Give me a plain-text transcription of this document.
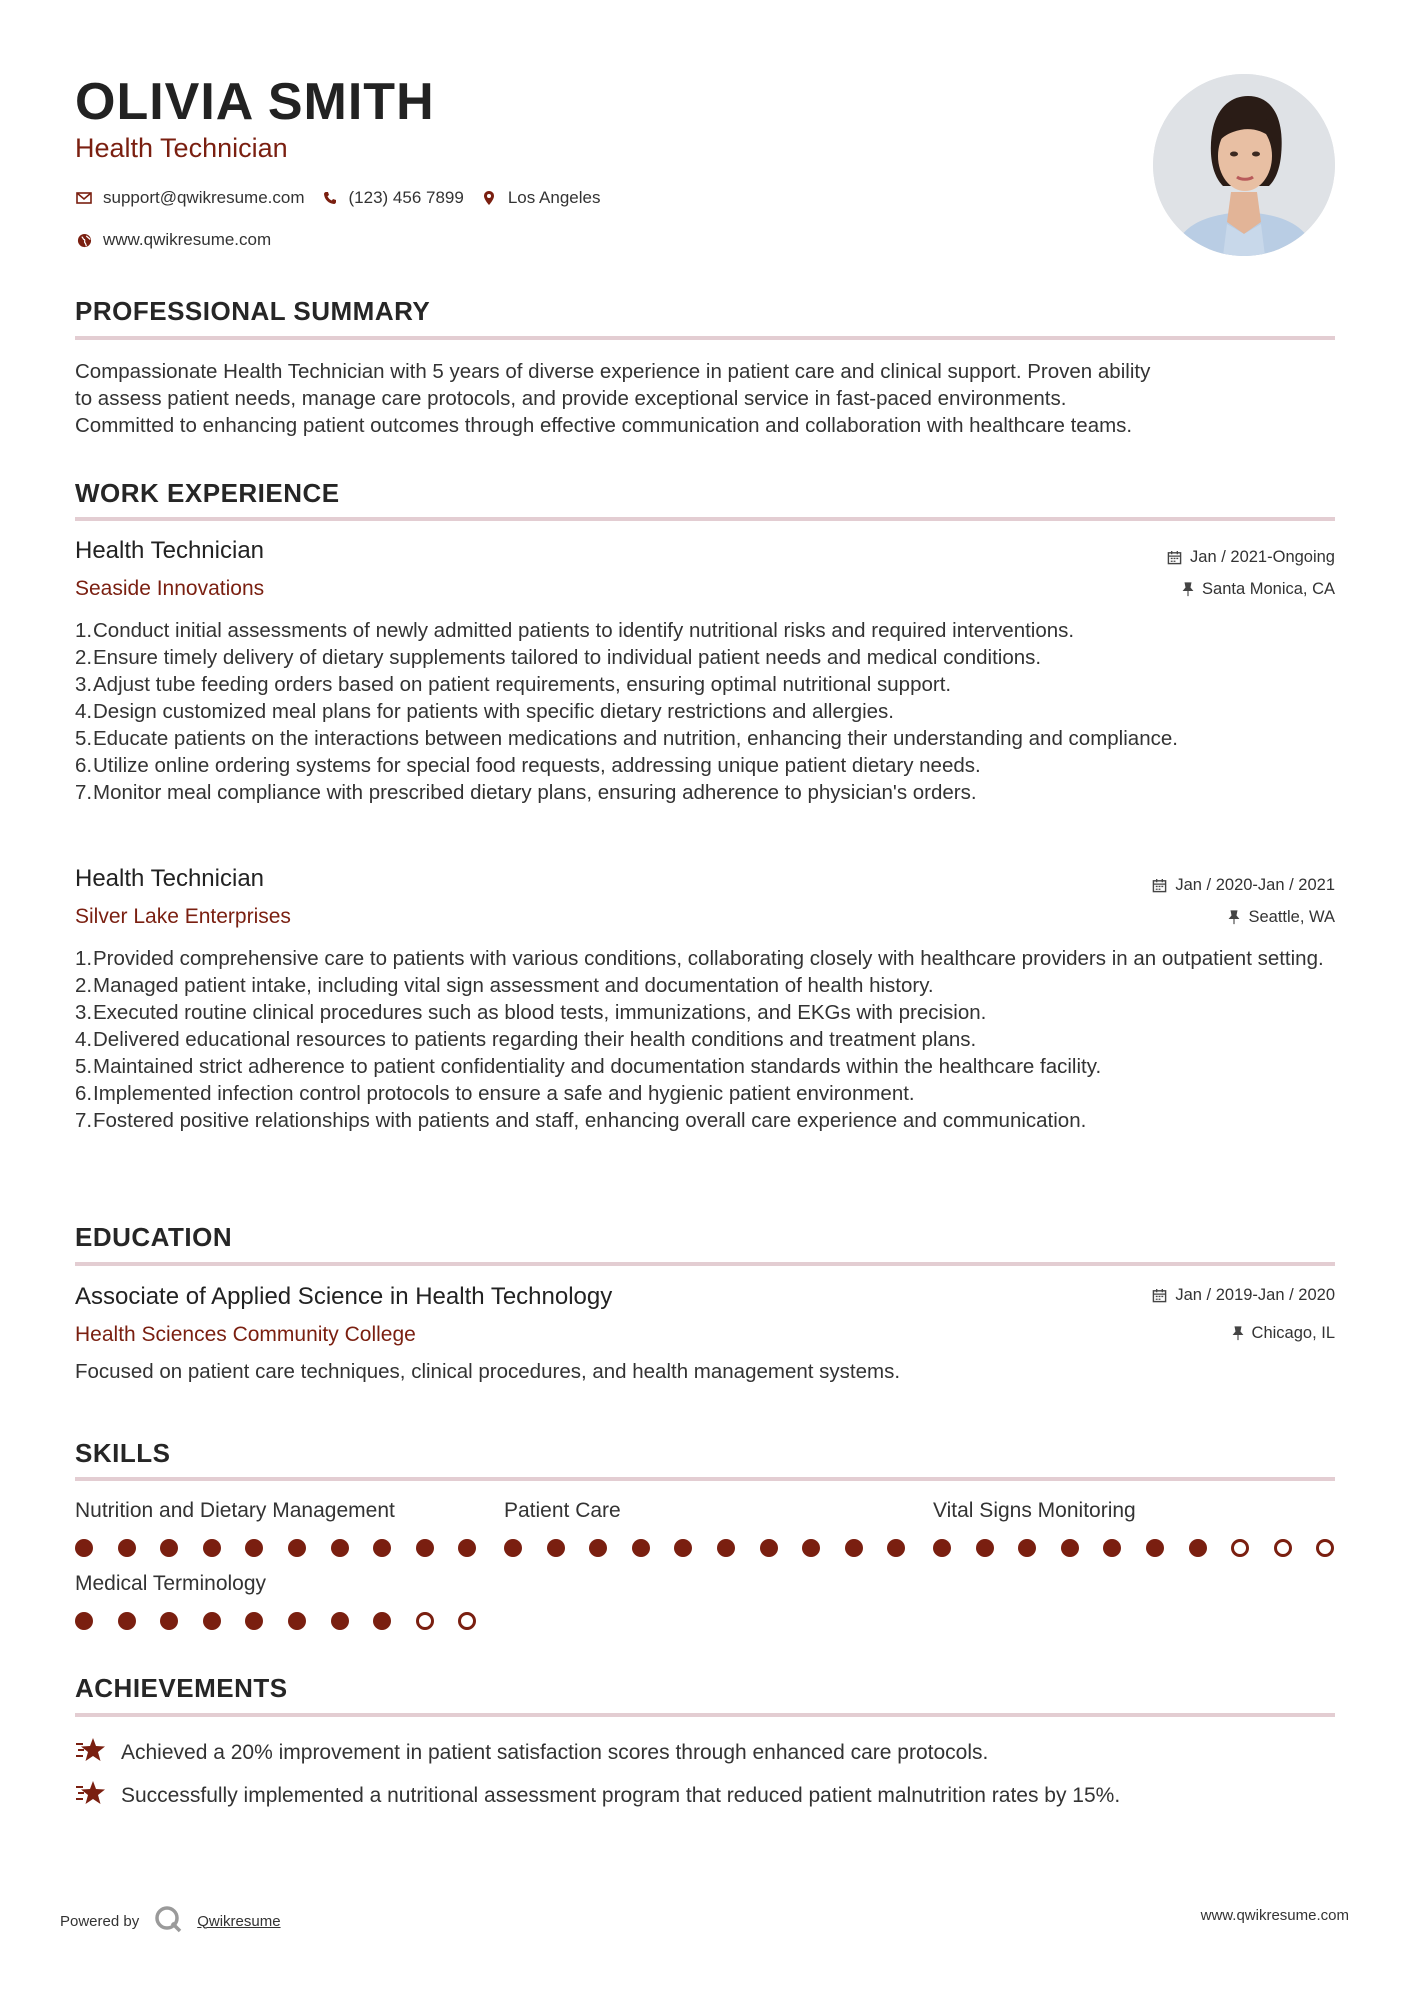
OLIVIA SMITH
Health Technician
support@qwikresume.com	(123) 456 7899	Los Angeles
www.qwikresume.com
PROFESSIONAL SUMMARY
Compassionate Health Technician with 5 years of diverse experience in patient care and clinical support. Proven ability
to assess patient needs, manage care protocols, and provide exceptional service in fast-paced environments.
Committed to enhancing patient outcomes through effective communication and collaboration with healthcare teams.
WORK EXPERIENCE
Health Technician
Seaside Innovations
Jan / 2021-Ongoing
Santa Monica, CA
1. Conduct initial assessments of newly admitted patients to identify nutritional risks and required interventions.
2. Ensure timely delivery of dietary supplements tailored to individual patient needs and medical conditions.
3. Adjust tube feeding orders based on patient requirements, ensuring optimal nutritional support.
4. Design customized meal plans for patients with specific dietary restrictions and allergies.
5. Educate patients on the interactions between medications and nutrition, enhancing their understanding and compliance.
6. Utilize online ordering systems for special food requests, addressing unique patient dietary needs.
7. Monitor meal compliance with prescribed dietary plans, ensuring adherence to physician's orders.
Health Technician
Silver Lake Enterprises
Jan / 2020-Jan / 2021
Seattle, WA
1. Provided comprehensive care to patients with various conditions, collaborating closely with healthcare providers in an outpatient setting.
2. Managed patient intake, including vital sign assessment and documentation of health history.
3. Executed routine clinical procedures such as blood tests, immunizations, and EKGs with precision.
4. Delivered educational resources to patients regarding their health conditions and treatment plans.
5. Maintained strict adherence to patient confidentiality and documentation standards within the healthcare facility.
6. Implemented infection control protocols to ensure a safe and hygienic patient environment.
7. Fostered positive relationships with patients and staff, enhancing overall care experience and communication.
EDUCATION
Associate of Applied Science in Health Technology
Health Sciences Community College
Jan / 2019-Jan / 2020
Chicago, IL
Focused on patient care techniques, clinical procedures, and health management systems.
SKILLS
Nutrition and Dietary Management	Patient Care	Vital Signs Monitoring
Medical Terminology
ACHIEVEMENTS
Achieved a 20% improvement in patient satisfaction scores through enhanced care protocols.
Successfully implemented a nutritional assessment program that reduced patient malnutrition rates by 15%.
Powered by	Qwikresume	www.qwikresume.com
